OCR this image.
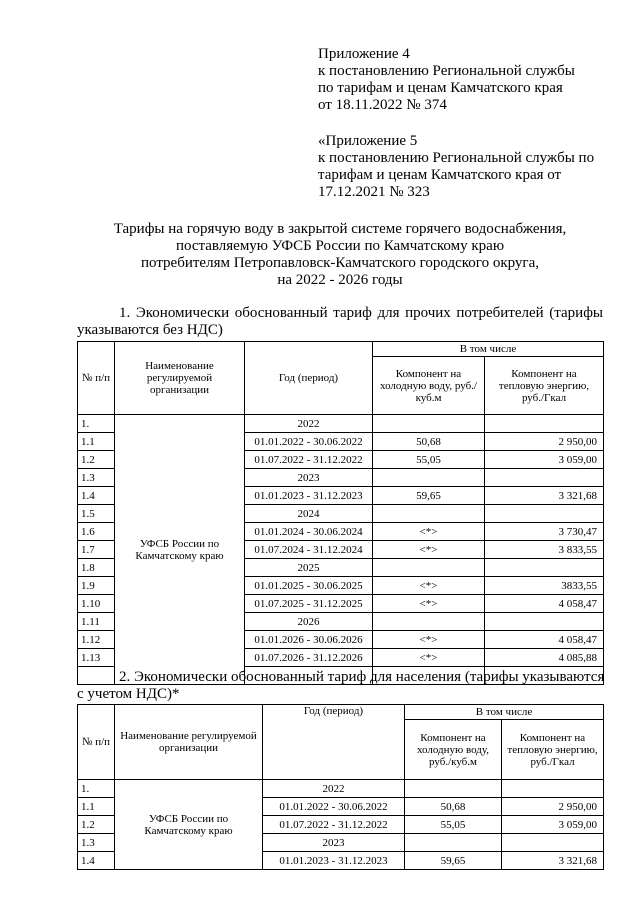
Приложение 4
к постановлению Региональной службы
по тарифам и ценам Камчатского края
от 18.11.2022 № 374
«Приложение 5
к постановлению Региональной службы по
тарифам и ценам Камчатского края от
17.12.2021 № 323
Тарифы на горячую воду в закрытой системе горячего водоснабжения,
поставляемую УФСБ России по Камчатскому краю
потребителям Петропавловск-Камчатского городского округа,
на 2022 - 2026 годы
1. Экономически обоснованный тариф для прочих потребителей (тарифы
указываются без НДС)
№ п/п	Наименование регулируемой организации	Год (период)	В том числе	
			Компонент на холодную воду, руб./куб.м	Компонент на тепловую энергию, руб./Гкал
1.	УФСБ России по Камчатскому краю	2022		
1.1		01.01.2022 - 30.06.2022	50,68	2 950,00
1.2		01.07.2022 - 31.12.2022	55,05	3 059,00
1.3		2023		
1.4		01.01.2023 - 31.12.2023	59,65	3 321,68
1.5		2024		
1.6		01.01.2024 - 30.06.2024	<*>	3 730,47
1.7		01.07.2024 - 31.12.2024	<*>	3 833,55
1.8		2025		
1.9		01.01.2025 - 30.06.2025	<*>	3833,55
1.10		01.07.2025 - 31.12.2025	<*>	4 058,47
1.11		2026		
1.12		01.01.2026 - 30.06.2026	<*>	4 058,47
1.13		01.07.2026 - 31.12.2026	<*>	4 085,88

2. Экономически обоснованный тариф для населения (тарифы указываются
с учетом НДС)*
№ п/п	Наименование регулируемой организации	Год (период)	В том числе	
			Компонент на холодную воду, руб./куб.м	Компонент на тепловую энергию, руб./Гкал
1.	УФСБ России по Камчатскому краю	2022		
1.1		01.01.2022 - 30.06.2022	50,68	2 950,00
1.2		01.07.2022 - 31.12.2022	55,05	3 059,00
1.3		2023		
1.4		01.01.2023 - 31.12.2023	59,65	3 321,68
